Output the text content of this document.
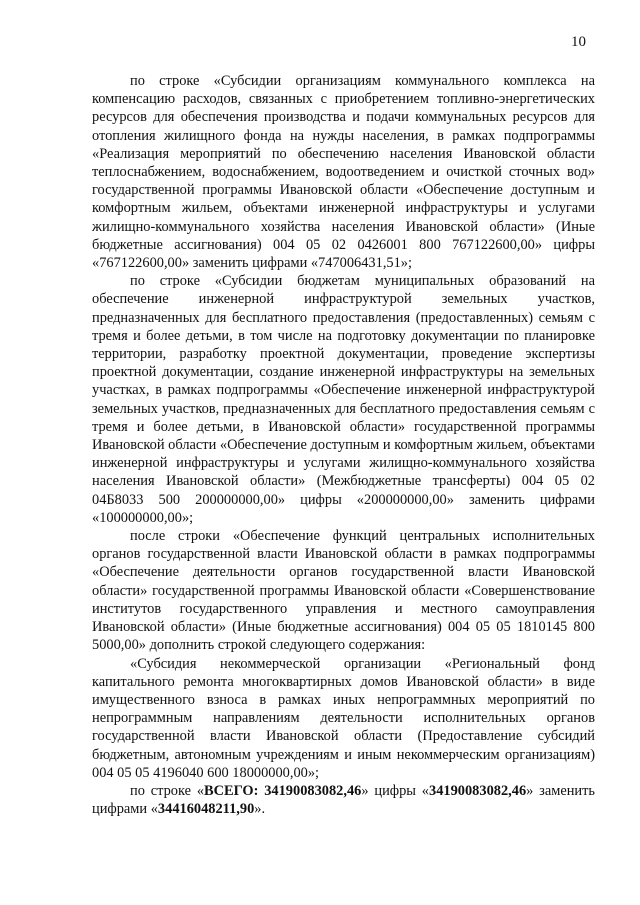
10

по строке «Субсидии организациям коммунального комплекса на компенсацию расходов, связанных с приобретением топливно-энергетических ресурсов для обеспечения производства и подачи коммунальных ресурсов для отопления жилищного фонда на нужды населения, в рамках подпрограммы «Реализация мероприятий по обеспечению населения Ивановской области теплоснабжением, водоснабжением, водоотведением и очисткой сточных вод» государственной программы Ивановской области «Обеспечение доступным и комфортным жильем, объектами инженерной инфраструктуры и услугами жилищно-коммунального хозяйства населения Ивановской области» (Иные бюджетные ассигнования) 004 05 02 0426001 800 767122600,00» цифры «767122600,00» заменить цифрами «747006431,51»;

по строке «Субсидии бюджетам муниципальных образований на обеспечение инженерной инфраструктурой земельных участков, предназначенных для бесплатного предоставления (предоставленных) семьям с тремя и более детьми, в том числе на подготовку документации по планировке территории, разработку проектной документации, проведение экспертизы проектной документации, создание инженерной инфраструктуры на земельных участках, в рамках подпрограммы «Обеспечение инженерной инфраструктурой земельных участков, предназначенных для бесплатного предоставления семьям с тремя и более детьми, в Ивановской области» государственной программы Ивановской области «Обеспечение доступным и комфортным жильем, объектами инженерной инфраструктуры и услугами жилищно-коммунального хозяйства населения Ивановской области» (Межбюджетные трансферты) 004 05 02 04Б8033 500 200000000,00» цифры «200000000,00» заменить цифрами «100000000,00»;

после строки «Обеспечение функций центральных исполнительных органов государственной власти Ивановской области в рамках подпрограммы «Обеспечение деятельности органов государственной власти Ивановской области» государственной программы Ивановской области «Совершенствование институтов государственного управления и местного самоуправления Ивановской области» (Иные бюджетные ассигнования) 004 05 05 1810145 800 5000,00» дополнить строкой следующего содержания:

«Субсидия некоммерческой организации «Региональный фонд капитального ремонта многоквартирных домов Ивановской области» в виде имущественного взноса в рамках иных непрограммных мероприятий по непрограммным направлениям деятельности исполнительных органов государственной власти Ивановской области (Предоставление субсидий бюджетным, автономным учреждениям и иным некоммерческим организациям) 004 05 05 4196040 600 18000000,00»;

по строке «ВСЕГО: 34190083082,46» цифры «34190083082,46» заменить цифрами «34416048211,90».
